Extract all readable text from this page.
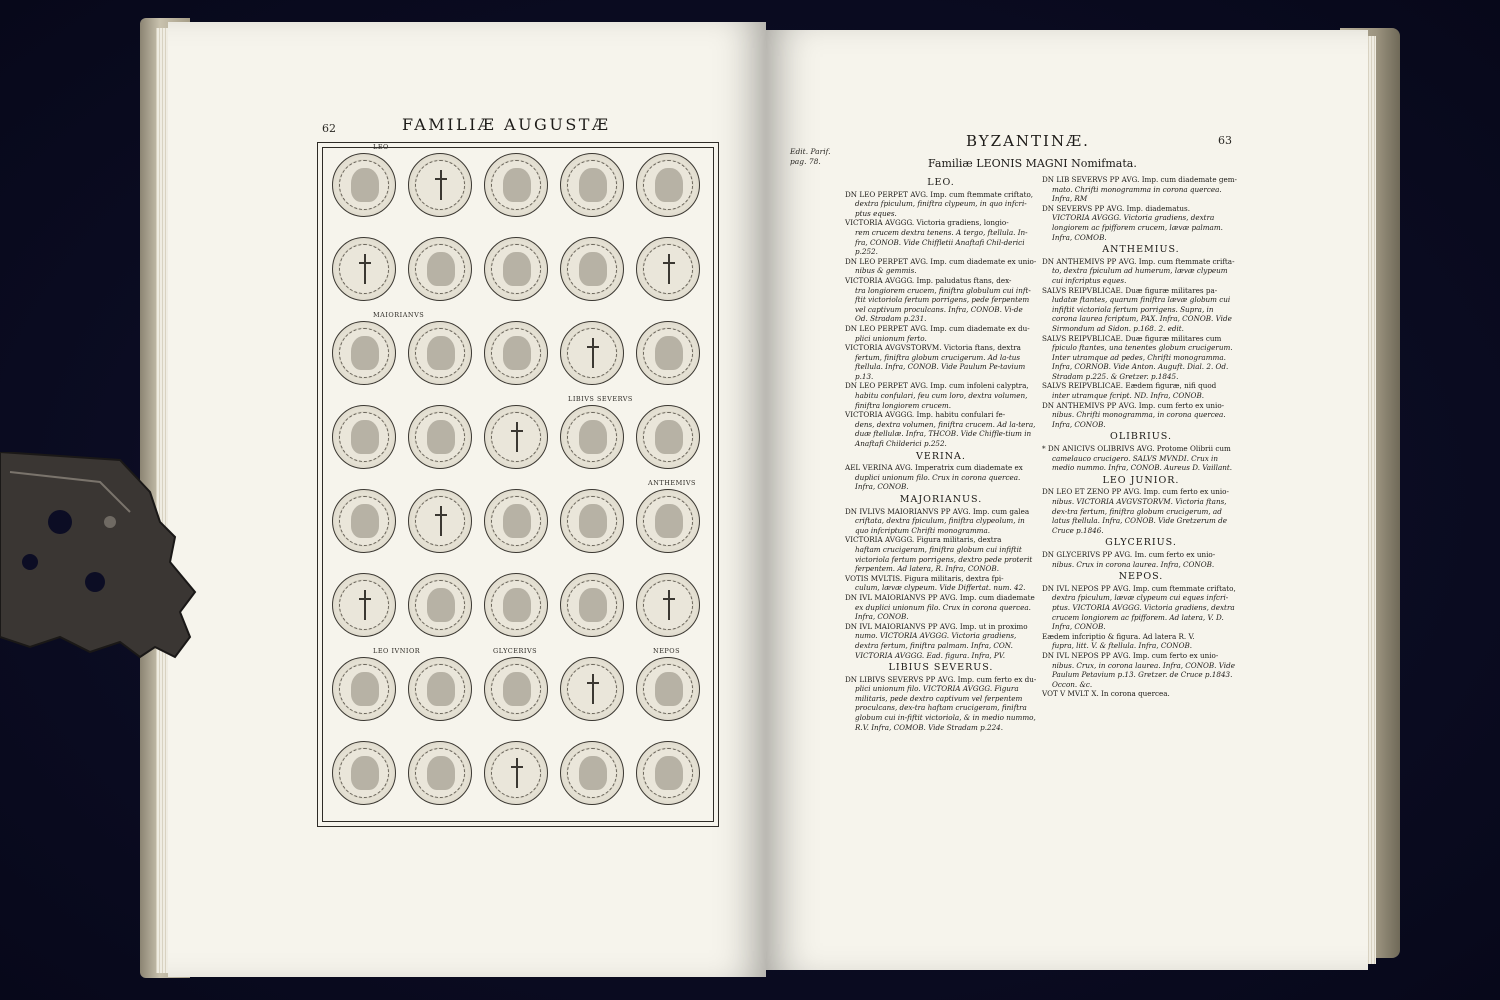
62	FAMILIÆ AUGUSTÆ
LEO
MAIORIANVS
LIBIVS SEVERVS
ANTHEMIVS
LEO IVNIOR	GLYCERIVS	NEPOS
Edit. Parif.
pag. 78.
BYZANTINÆ.	63
Familiæ LEONIS MAGNI Nomifmata.
LEO.
DN LEO PERPET AVG. Imp. cum ftemmate criftato,
dextra fpiculum, finiftra clypeum, in quo infcri-ptus eques.
VICTORIA AVGGG. Victoria gradiens, longio-
rem crucem dextra tenens. A tergo, ftellula. In-fra, CONOB. Vide Chiffletii Anaftafi Chil-derici p.252.
DN LEO PERPET AVG. Imp. cum diademate ex unio-
nibus & gemmis.
VICTORIA AVGGG. Imp. paludatus ftans, dex-
tra longiorem crucem, finiftra globulum cui inft-ftit victoriola fertum porrigens, pede ferpentem vel captivum proculcans. Infra, CONOB. Vi-de Od. Stradam p.231.
DN LEO PERPET AVG. Imp. cum diademate ex du-
plici unionum ferto.
VICTORIA AVGVSTORVM. Victoria ftans, dextra
fertum, finiftra globum crucigerum. Ad la-tus ftellula. Infra, CONOB. Vide Paulum Pe-tavium p.13.
DN LEO PERPET AVG. Imp. cum infoleni calyptra,
habitu confulari, feu cum loro, dextra volumen, finiftra longiorem crucem.
VICTORIA AVGGG. Imp. habitu confulari fe-
dens, dextra volumen, finiftra crucem. Ad la-tera, duæ ftellulæ. Infra, THCOB. Vide Chiffle-tium in Anaftafi Childerici p.252.
VERINA.
AEL VERINA AVG. Imperatrix cum diademate ex
duplici unionum filo. Crux in corona quercea. Infra, CONOB.
MAJORIANUS.
DN IVLIVS MAIORIANVS PP AVG. Imp. cum galea
criftata, dextra fpiculum, finiftra clypeolum, in quo infcriptum Chrifti monogramma.
VICTORIA AVGGG. Figura militaris, dextra
haftam crucigeram, finiftra globum cui infiftit victoriola fertum porrigens, dextro pede proterit ferpentem. Ad latera, R. Infra, CONOB.
VOTIS MVLTIS. Figura militaris, dextra fpi-
culum, lævæ clypeum. Vide Differtat. num. 42.
DN IVL MAIORIANVS PP AVG. Imp. cum diademate
ex duplici unionum filo. Crux in corona quercea. Infra, CONOB.
DN IVL MAIORIANVS PP AVG. Imp. ut in proximo
numo. VICTORIA AVGGG. Victoria gradiens, dextra fertum, finiftra palmam. Infra, CON. VICTORIA AVGGG. Ead. figura. Infra, PV.
LIBIUS SEVERUS.
DN LIBIVS SEVERVS PP AVG. Imp. cum ferto ex du-
plici unionum filo. VICTORIA AVGGG. Figura militaris, pede dextro captivum vel ferpentem proculcans, dex-tra haftam crucigeram, finiftra globum cui in-fiftit victoriola, & in medio nummo, R.V. Infra, COMOB. Vide Stradam p.224.
DN LIB SEVERVS PP AVG. Imp. cum diademate gem-
mato. Chrifti monogramma in corona quercea. Infra, RM
DN SEVERVS PP AVG. Imp. diadematus.
VICTORIA AVGGG. Victoria gradiens, dextra longiorem ac fpifforem crucem, lævæ palmam. Infra, COMOB.
ANTHEMIUS.
DN ANTHEMIVS PP AVG. Imp. cum ftemmate crifta-
to, dextra fpiculum ad humerum, lævæ clypeum cui infcriptus eques.
SALVS REIPVBLICAE. Duæ figuræ militares pa-
ludatæ ftantes, quarum finiftra lævæ globum cui infiftit victoriola fertum porrigens. Supra, in corona laurea fcriptum, PAX. Infra, CONOB. Vide Sirmondum ad Sidon. p.168. 2. edit.
SALVS REIPVBLICAE. Duæ figuræ militares cum
fpiculo ftantes, una tenentes globum crucigerum. Inter utramque ad pedes, Chrifti monogramma. Infra, CORNOB. Vide Anton. Auguft. Dial. 2. Od. Stradam p.225. & Gretzer. p.1845.
SALVS REIPVBLICAE. Eædem figuræ, nifi quod
inter utramque fcript. ND. Infra, CONOB.
DN ANTHEMIVS PP AVG. Imp. cum ferto ex unio-
nibus. Chrifti monogramma, in corona quercea. Infra, CONOB.
OLIBRIUS.
* DN ANICIVS OLIBRIVS AVG. Protome Olibrii cum
camelauco crucigero. SALVS MVNDI. Crux in medio nummo. Infra, CONOB. Aureus D. Vaillant.
LEO JUNIOR.
DN LEO ET ZENO PP AVG. Imp. cum ferto ex unio-
nibus. VICTORIA AVGVSTORVM. Victoria ftans, dex-tra fertum, finiftra globum crucigerum, ad latus ftellula. Infra, CONOB. Vide Gretzerum de Cruce p.1846.
GLYCERIUS.
DN GLYCERIVS PP AVG. Im. cum ferto ex unio-
nibus. Crux in corona laurea. Infra, CONOB.
NEPOS.
DN IVL NEPOS PP AVG. Imp. cum ftemmate criftato,
dextra fpiculum, lævæ clypeum cui eques infcri-ptus. VICTORIA AVGGG. Victoria gradiens, dextra crucem longiorem ac fpifforem. Ad latera, V. D. Infra, CONOB.
Eædem infcriptio & figura. Ad latera R. V.
fupra, litt. V. & ftellula. Infra, CONOB.
DN IVL NEPOS PP AVG. Imp. cum ferto ex unio-
nibus. Crux, in corona laurea. Infra, CONOB. Vide Paulum Petavium p.13. Gretzer. de Cruce p.1843. Occon. &c.
VOT V MVLT X. In corona quercea.
